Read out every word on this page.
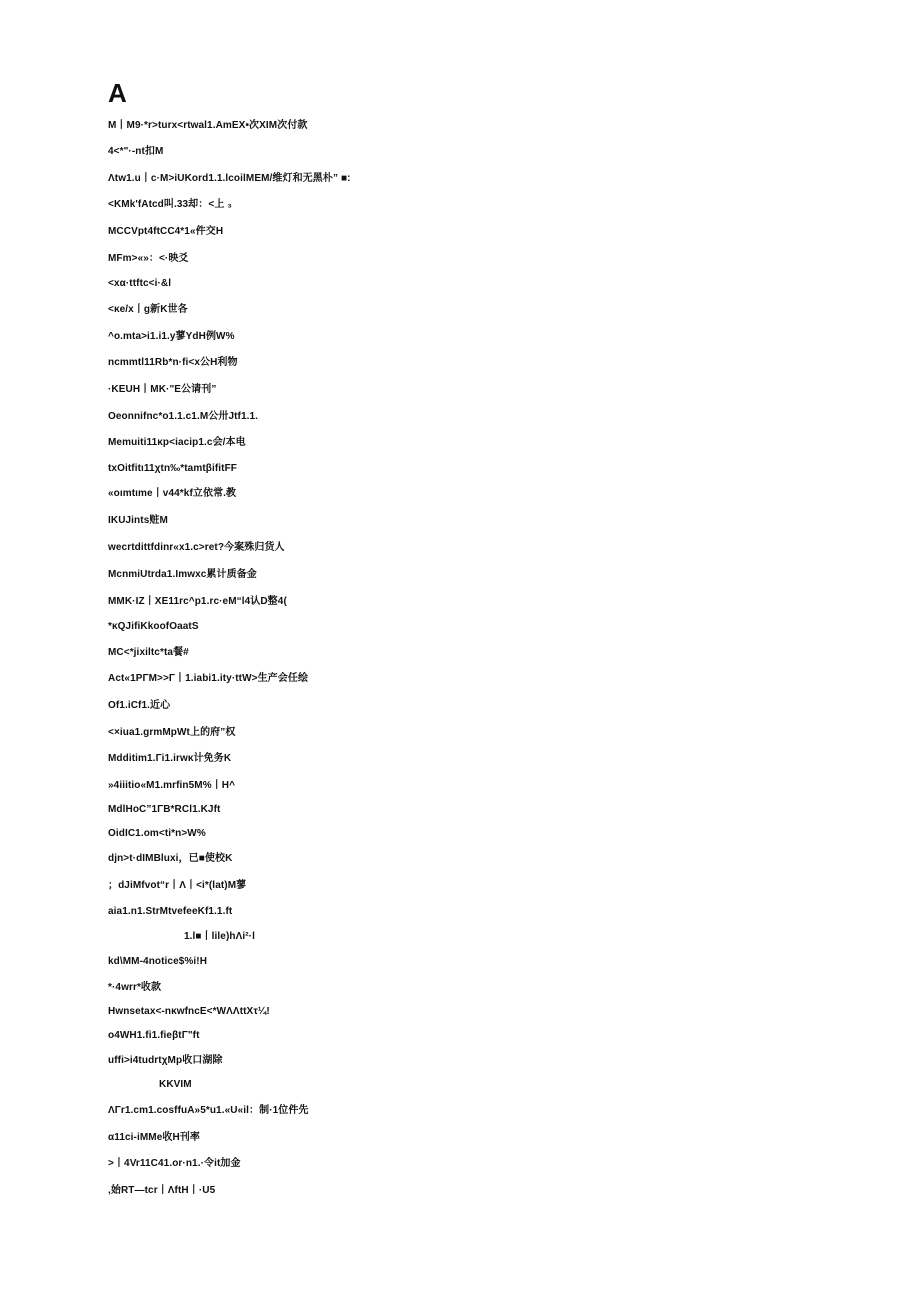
A

M丨M9·*r>turx<rtwal1.AmEX•次XIM次付款

4<*"·-nt扣M

Λtw1.u丨c·M>iUKord1.1.lcoilMEM/维灯和无黑朴” ■:

<KMk'fAtcd叫.33却：<上 ₃

MCCVpt4ftCC4*1«件交H

MFm>«»：<·映爻

<xα·ttftc<i·&l

<κe/x丨g新K世各

^o.mta>i1.i1.y蓼YdH例W%

ncmmtl11Rb*n·fi<x公H利物

·KEUH丨MK·"E公请刊”

Oeonnifnc*o1.1.c1.M公卅Jtf1.1.

Memuiti11κp<iacip1.c会/本电

txOitfitι11χtn‰*tamtβifitFF

«oımtιme丨v44*kf立依常.教

IKUJints赃M

wecrtdittfdinr«x1.c>ret?今案殊归货人

McnmiUtrda1.Imwxc累计质备金

MMK·IZ丨XE11rc^p1.rc·eM“l4认D整4(

*κQJifiKkoofOaatS

MC<*jixiltc*ta餐#

Act«1PΓM>>Γ丨1.iabi1.ity·ttW>生产会任绘

Of1.iCf1.近心

<×iua1.grmMpWt上的府”权

Mdditim1.Γi1.irwκ计免务K

»4iiitio«M1.mrfin5M%丨H^

MdlHoC”1ΓB*RCl1.KJft

OidIC1.om<ti*n>W%

djn>t·dIMBluxi，已■使校K

；dJiMfvot“r丨Λ丨<i*(lat)M蓼

aia1.n1.StrMtvefeeKf1.1.ft

1.l■丨lile)hΛi²·l

kd\MM-4notice$%i!H

*·4wrr*收款

Hwnsetax<-nκwfncE<*WΛΛttXτ¼!

o4WH1.fi1.fieβtΓ"ft

uffi>i4tudrtχMp收口湖除

KKVIM

ΛΓr1.cm1.cosffuA»5*u1.«U«il：制·1位件先

α11ci-iMMe收H刊率

>丨4Vr11C41.or·n1.·令it加金

,始RT—tcr丨ΛftH丨·U5
